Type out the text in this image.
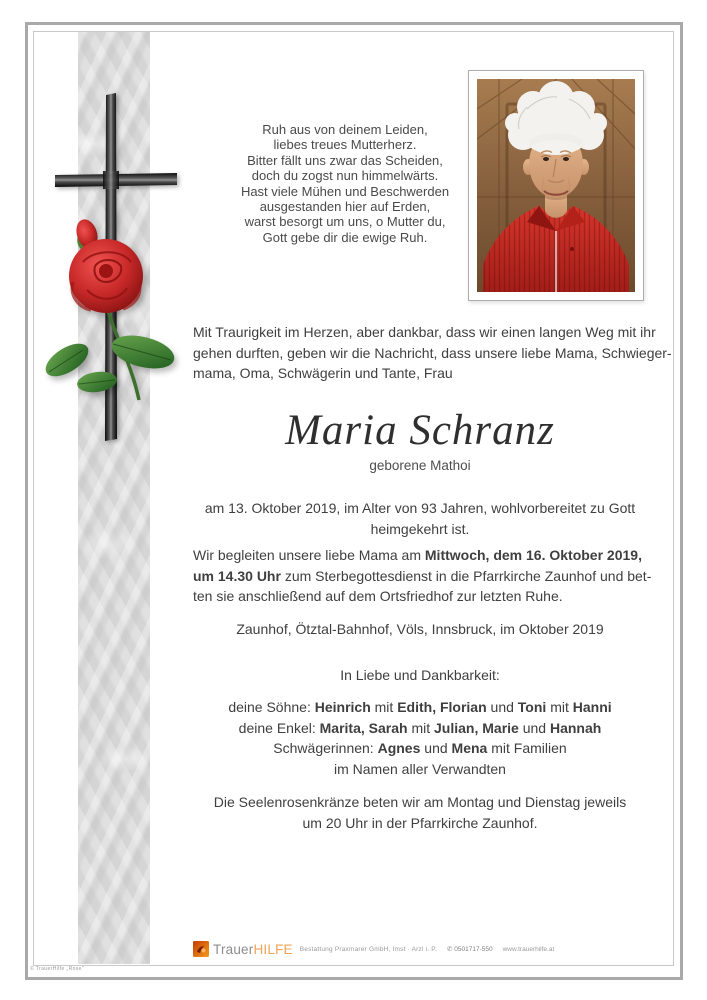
Ruh aus von deinem Leiden,
liebes treues Mutterherz.
Bitter fällt uns zwar das Scheiden,
doch du zogst nun himmelwärts.
Hast viele Mühen und Beschwerden
ausgestanden hier auf Erden,
warst besorgt um uns, o Mutter du,
Gott gebe dir die ewige Ruh.
Mit Traurigkeit im Herzen, aber dankbar, dass wir einen langen Weg mit ihr
gehen durften, geben wir die Nachricht, dass unsere liebe Mama, Schwieger-
mama, Oma, Schwägerin und Tante, Frau
Maria Schranz
geborene Mathoi
am 13. Oktober 2019, im Alter von 93 Jahren, wohlvorbereitet zu Gott
heimgekehrt ist.
Wir begleiten unsere liebe Mama am Mittwoch, dem 16. Oktober 2019,
um 14.30 Uhr zum Sterbegottesdienst in die Pfarrkirche Zaunhof und bet-
ten sie anschließend auf dem Ortsfriedhof zur letzten Ruhe.
Zaunhof, Ötztal-Bahnhof, Völs, Innsbruck, im Oktober 2019
In Liebe und Dankbarkeit:
deine Söhne: Heinrich mit Edith, Florian und Toni mit Hanni
deine Enkel: Marita, Sarah mit Julian, Marie und Hannah
Schwägerinnen: Agnes und Mena mit Familien
im Namen aller Verwandten
Die Seelenrosenkränze beten wir am Montag und Dienstag jeweils
um 20 Uhr in der Pfarrkirche Zaunhof.
TrauerHILFE Bestattung Praxmarer GmbH, Imst · Arzl i. P. ✆ 0501717-550 www.trauerhilfe.at
© TrauerHilfe „Rose“
